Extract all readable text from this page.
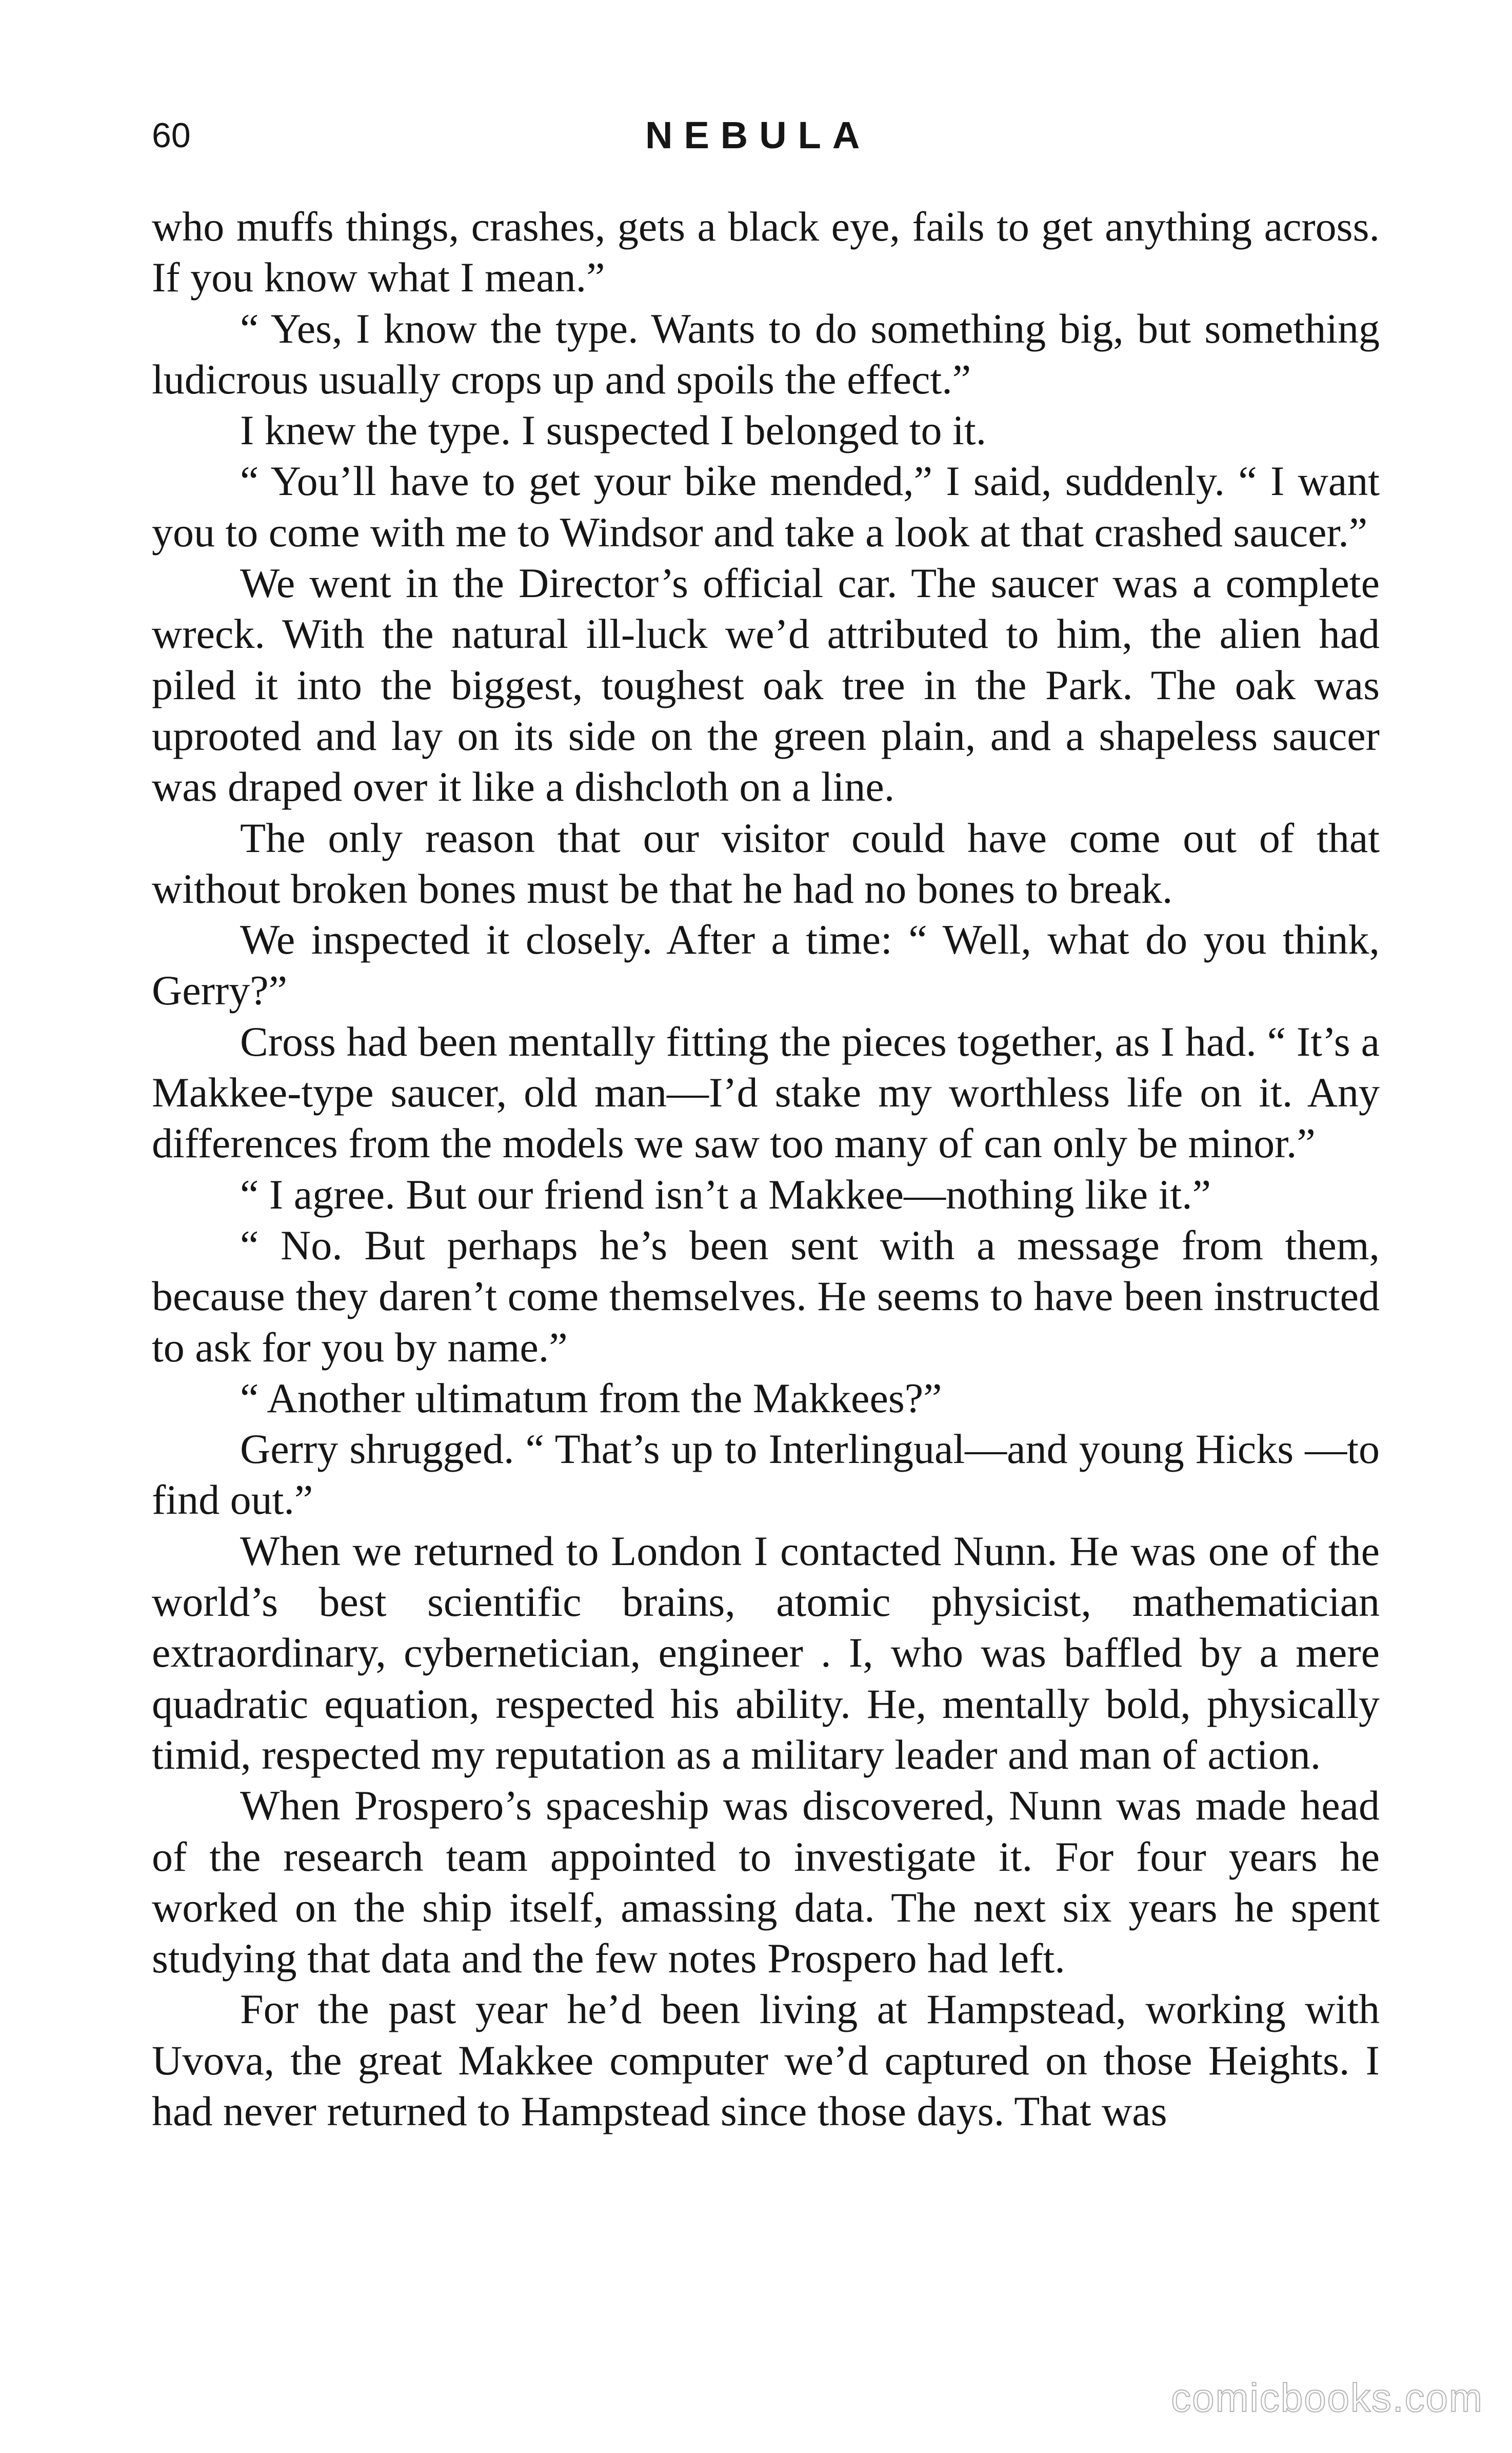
60	NEBULA

who muffs things, crashes, gets a black eye, fails to get anything across. If you know what I mean.”

“ Yes, I know the type. Wants to do something big, but something ludicrous usually crops up and spoils the effect.”

I knew the type. I suspected I belonged to it.

“ You’ll have to get your bike mended,” I said, suddenly. “ I want you to come with me to Windsor and take a look at that crashed saucer.”

We went in the Director’s official car. The saucer was a complete wreck. With the natural ill-luck we’d attributed to him, the alien had piled it into the biggest, toughest oak tree in the Park. The oak was uprooted and lay on its side on the green plain, and a shapeless saucer was draped over it like a dishcloth on a line.

The only reason that our visitor could have come out of that without broken bones must be that he had no bones to break.

We inspected it closely. After a time: “ Well, what do you think, Gerry?”

Cross had been mentally fitting the pieces together, as I had. “ It’s a Makkee-type saucer, old man—I’d stake my worthless life on it. Any differences from the models we saw too many of can only be minor.”

“ I agree. But our friend isn’t a Makkee—nothing like it.”

“ No. But perhaps he’s been sent with a message from them, because they daren’t come themselves. He seems to have been instructed to ask for you by name.”

“ Another ultimatum from the Makkees?”

Gerry shrugged. “ That’s up to Interlingual—and young Hicks —to find out.”

When we returned to London I contacted Nunn. He was one of the world’s best scientific brains, atomic physicist, mathematician extraordinary, cybernetician, engineer . I, who was baffled by a mere quadratic equation, respected his ability. He, mentally bold, physically timid, respected my reputation as a military leader and man of action.

When Prospero’s spaceship was discovered, Nunn was made head of the research team appointed to investigate it. For four years he worked on the ship itself, amassing data. The next six years he spent studying that data and the few notes Prospero had left.

For the past year he’d been living at Hampstead, working with Uvova, the great Makkee computer we’d captured on those Heights. I had never returned to Hampstead since those days. That was

comicbooks.com
